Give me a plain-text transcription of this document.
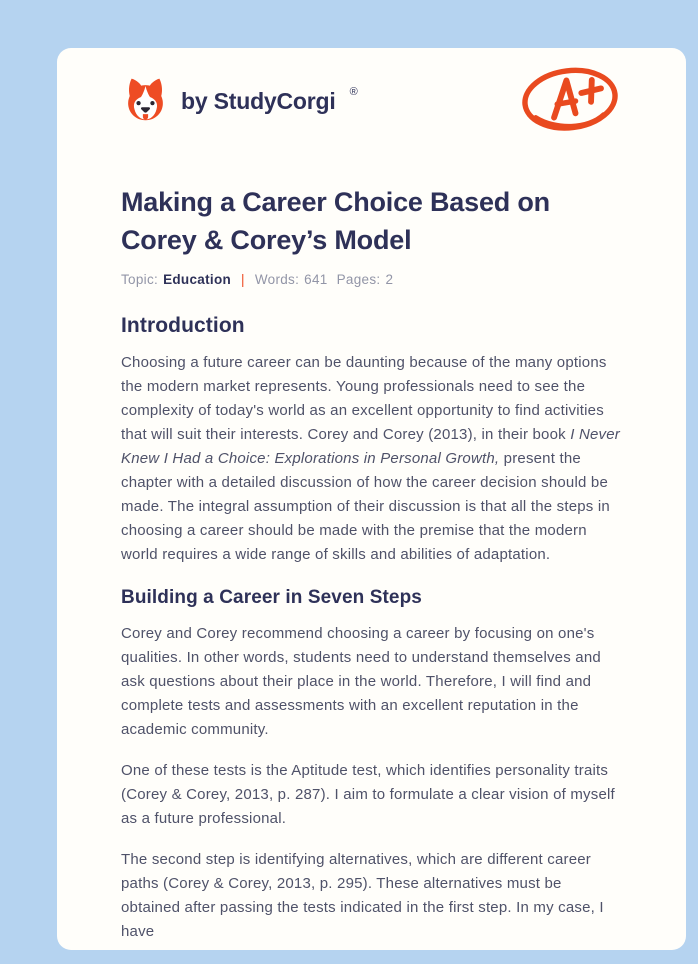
by StudyCorgi ®
Making a Career Choice Based on Corey & Corey’s Model
Topic: Education | Words: 641 Pages: 2
Introduction

Choosing a future career can be daunting because of the many options the modern market represents. Young professionals need to see the complexity of today's world as an excellent opportunity to find activities that will suit their interests. Corey and Corey (2013), in their book I Never Knew I Had a Choice: Explorations in Personal Growth, present the chapter with a detailed discussion of how the career decision should be made. The integral assumption of their discussion is that all the steps in choosing a career should be made with the premise that the modern world requires a wide range of skills and abilities of adaptation.

Building a Career in Seven Steps

Corey and Corey recommend choosing a career by focusing on one's qualities. In other words, students need to understand themselves and ask questions about their place in the world. Therefore, I will find and complete tests and assessments with an excellent reputation in the academic community.

One of these tests is the Aptitude test, which identifies personality traits (Corey & Corey, 2013, p. 287). I aim to formulate a clear vision of myself as a future professional.

The second step is identifying alternatives, which are different career paths (Corey & Corey, 2013, p. 295). These alternatives must be obtained after passing the tests indicated in the first step. In my case, I have
